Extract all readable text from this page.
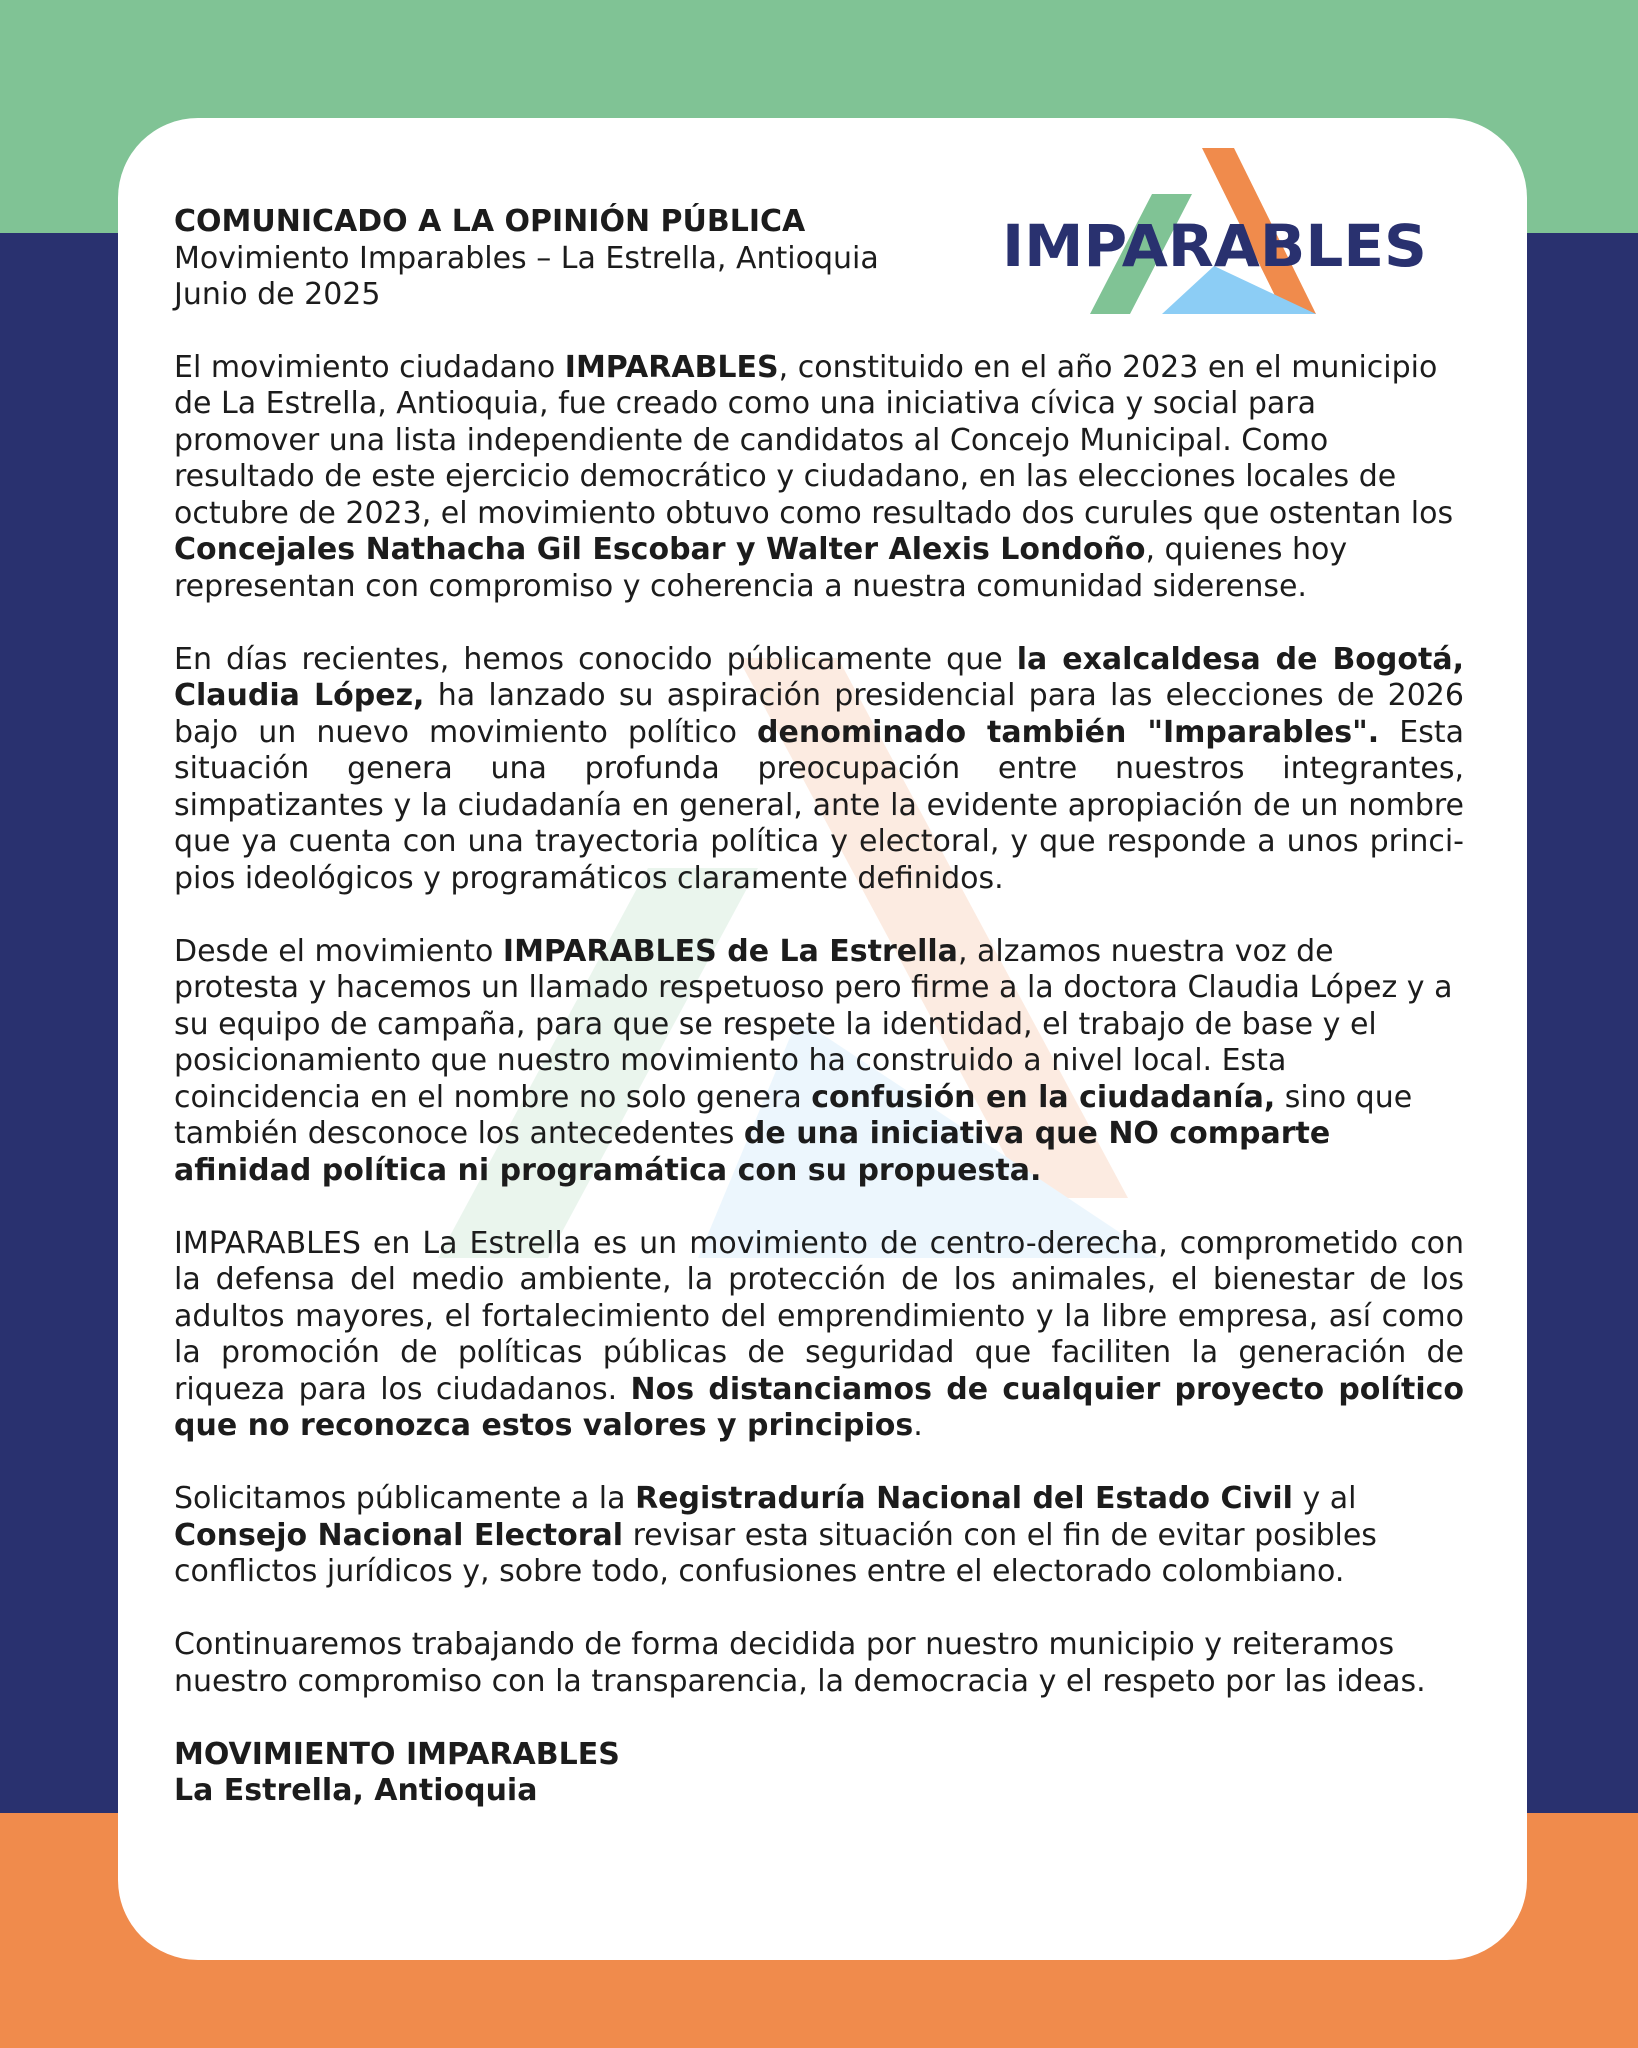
IMPARABLES

COMUNICADO A LA OPINIÓN PÚBLICA

Movimiento Imparables – La Estrella, Antioquia

Junio de 2025

El movimiento ciudadano IMPARABLES, constituido en el año 2023 en el municipio de La Estrella, Antioquia, fue creado como una iniciativa cívica y social para promover una lista independiente de candidatos al Concejo Municipal. Como resultado de este ejercicio democrático y ciudadano, en las elecciones locales de octubre de 2023, el movimiento obtuvo como resultado dos curules que ostentan los Concejales Nathacha Gil Escobar y Walter Alexis Londoño, quienes hoy representan con compromiso y coherencia a nuestra comunidad siderense.

En días recientes, hemos conocido públicamente que la exalcaldesa de Bogotá, Claudia López, ha lanzado su aspiración presidencial para las elecciones de 2026 bajo un nuevo movimiento político denominado también "Imparables". Esta situación genera una profunda preocupación entre nuestros integrantes, simpatizantes y la ciudadanía en general, ante la evidente apropiación de un nombre que ya cuenta con una trayectoria política y electoral, y que responde a unos principios ideológicos y programáticos claramente definidos.

Desde el movimiento IMPARABLES de La Estrella, alzamos nuestra voz de protesta y hacemos un llamado respetuoso pero firme a la doctora Claudia López y a su equipo de campaña, para que se respete la identidad, el trabajo de base y el posicionamiento que nuestro movimiento ha construido a nivel local. Esta coincidencia en el nombre no solo genera confusión en la ciudadanía, sino que también desconoce los antecedentes de una iniciativa que NO comparte afinidad política ni programática con su propuesta.

IMPARABLES en La Estrella es un movimiento de centro-derecha, comprometido con la defensa del medio ambiente, la protección de los animales, el bienestar de los adultos mayores, el fortalecimiento del emprendimiento y la libre empresa, así como la promoción de políticas públicas de seguridad que faciliten la generación de riqueza para los ciudadanos. Nos distanciamos de cualquier proyecto político que no reconozca estos valores y principios.

Solicitamos públicamente a la Registraduría Nacional del Estado Civil y al Consejo Nacional Electoral revisar esta situación con el fin de evitar posibles conflictos jurídicos y, sobre todo, confusiones entre el electorado colombiano.

Continuaremos trabajando de forma decidida por nuestro municipio y reiteramos nuestro compromiso con la transparencia, la democracia y el respeto por las ideas.

MOVIMIENTO IMPARABLES

La Estrella, Antioquia
